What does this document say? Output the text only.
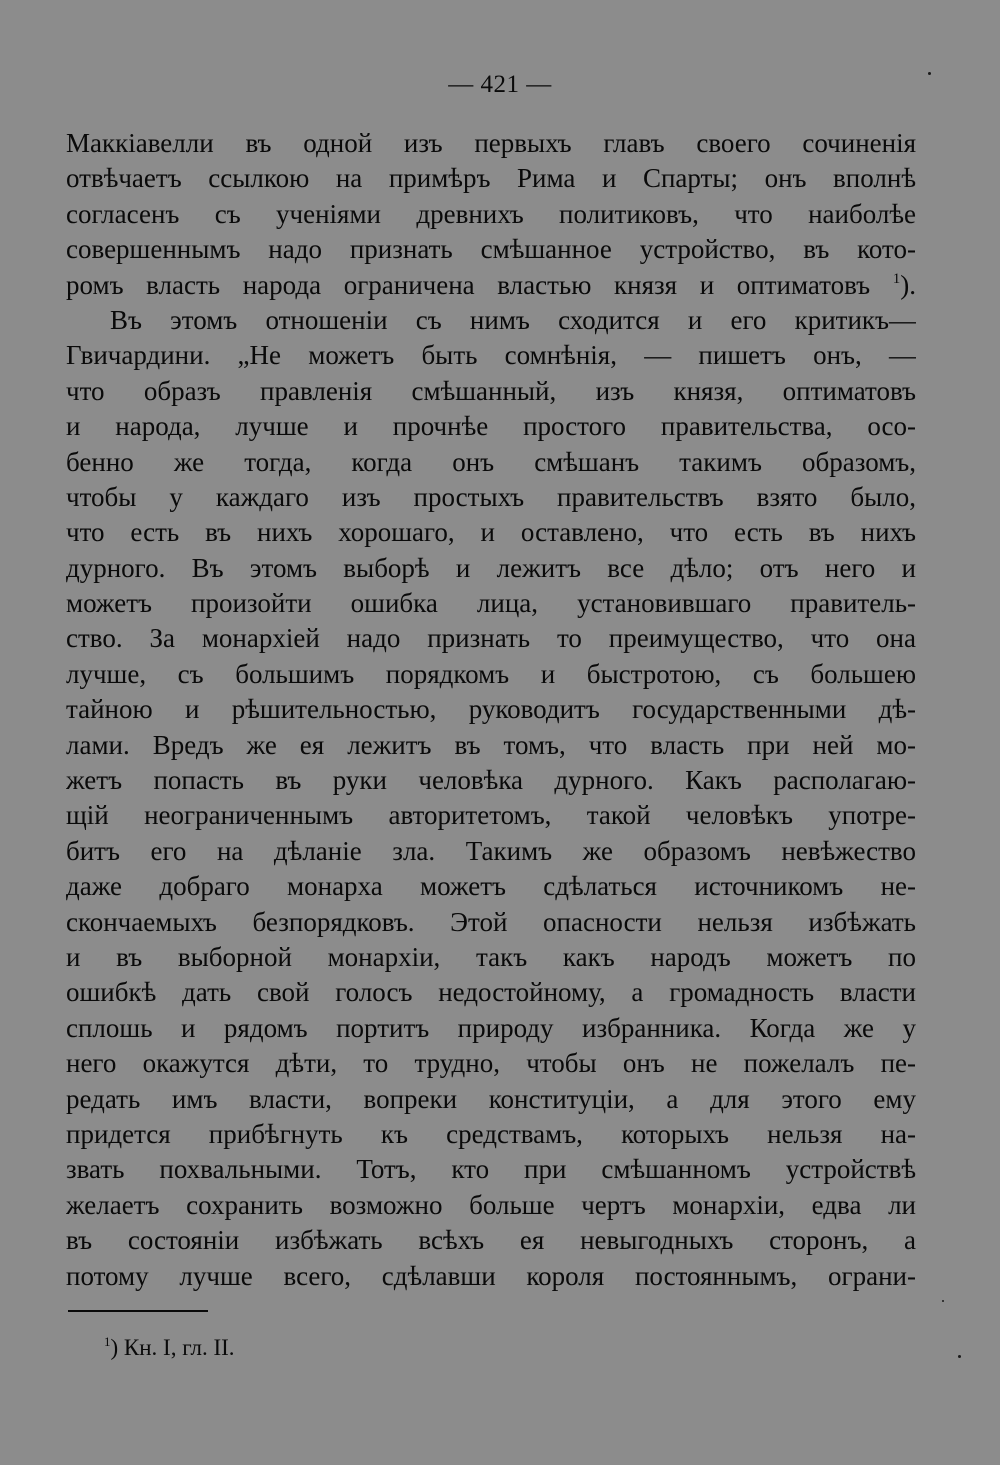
— 421 —
Маккіавелли въ одной изъ первыхъ главъ своего сочиненія
отвѣчаетъ ссылкою на примѣръ Рима и Спарты; онъ вполнѣ
согласенъ съ ученіями древнихъ политиковъ, что наиболѣе
совершеннымъ надо признать смѣшанное устройство, въ кото-
ромъ власть народа ограничена властью князя и оптиматовъ $^1$).
Въ этомъ отношеніи съ нимъ сходится и его критикъ—
Гвичардини. „Не можетъ быть сомнѣнія, — пишетъ онъ, —
что образъ правленія смѣшанный, изъ князя, оптиматовъ
и народа, лучше и прочнѣе простого правительства, осо-
бенно же тогда, когда онъ смѣшанъ такимъ образомъ,
чтобы у каждаго изъ простыхъ правительствъ взято было,
что есть въ нихъ хорошаго, и оставлено, что есть въ нихъ
дурного. Въ этомъ выборѣ и лежитъ все дѣло; отъ него и
можетъ произойти ошибка лица, установившаго правитель-
ство. За монархіей надо признать то преимущество, что она
лучше, съ большимъ порядкомъ и быстротою, съ большею
тайною и рѣшительностью, руководитъ государственными дѣ-
лами. Вредъ же ея лежитъ въ томъ, что власть при ней мо-
жетъ попасть въ руки человѣка дурного. Какъ располагаю-
щій неограниченнымъ авторитетомъ, такой человѣкъ употре-
битъ его на дѣланіе зла. Такимъ же образомъ невѣжество
даже добраго монарха можетъ сдѣлаться источникомъ не-
скончаемыхъ безпорядковъ. Этой опасности нельзя избѣжать
и въ выборной монархіи, такъ какъ народъ можетъ по
ошибкѣ дать свой голосъ недостойному, а громадность власти
сплошь и рядомъ портитъ природу избранника. Когда же у
него окажутся дѣти, то трудно, чтобы онъ не пожелалъ пе-
редать имъ власти, вопреки конституціи, а для этого ему
придется прибѣгнуть къ средствамъ, которыхъ нельзя на-
звать похвальными. Тотъ, кто при смѣшанномъ устройствѣ
желаетъ сохранить возможно больше чертъ монархіи, едва ли
въ состояніи избѣжать всѣхъ ея невыгодныхъ сторонъ, а
потому лучше всего, сдѣлавши короля постояннымъ, ограни-
$^1$) Кн. I, гл. II.
